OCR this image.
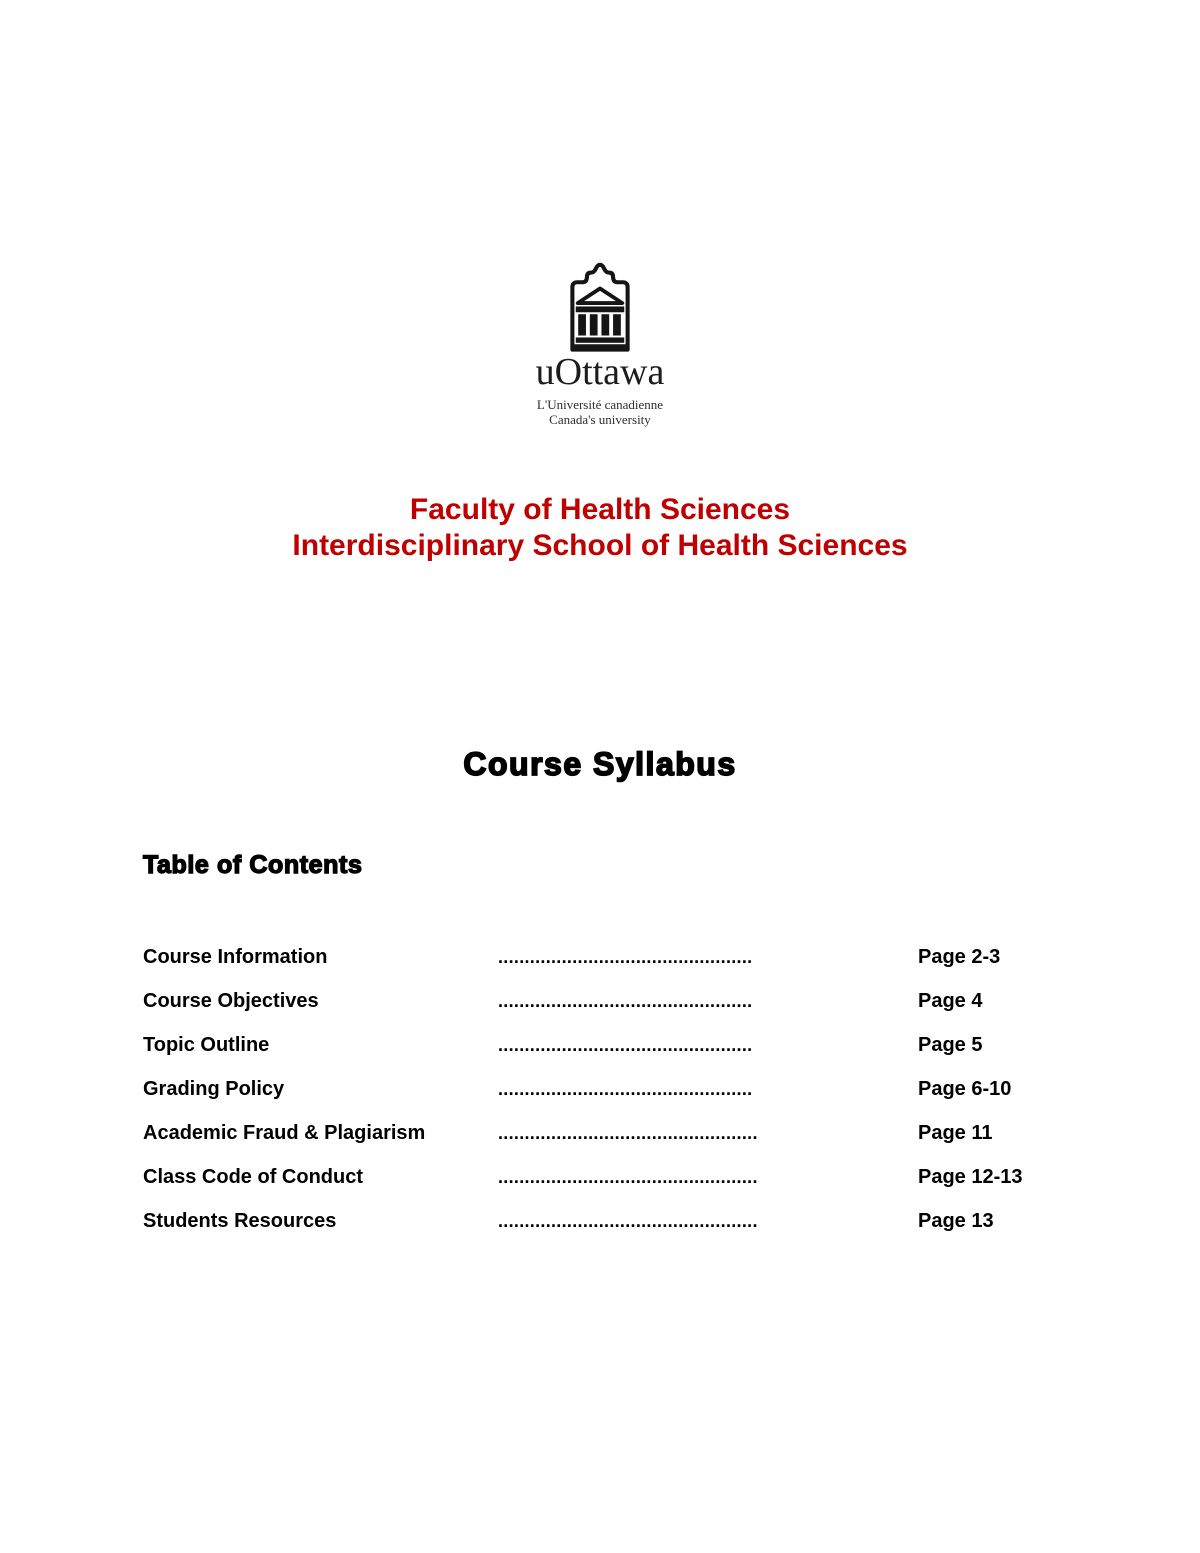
uOttawa
L'Université canadienne
Canada's university
Faculty of Health Sciences
Interdisciplinary School of Health Sciences
Course Syllabus
Table of Contents
Course Information	................................................	Page 2-3
Course Objectives	................................................	Page 4
Topic Outline	................................................	Page 5
Grading Policy	................................................	Page 6-10
Academic Fraud & Plagiarism	.................................................	Page 11
Class Code of Conduct	.................................................	Page 12-13
Students Resources	.................................................	Page 13
